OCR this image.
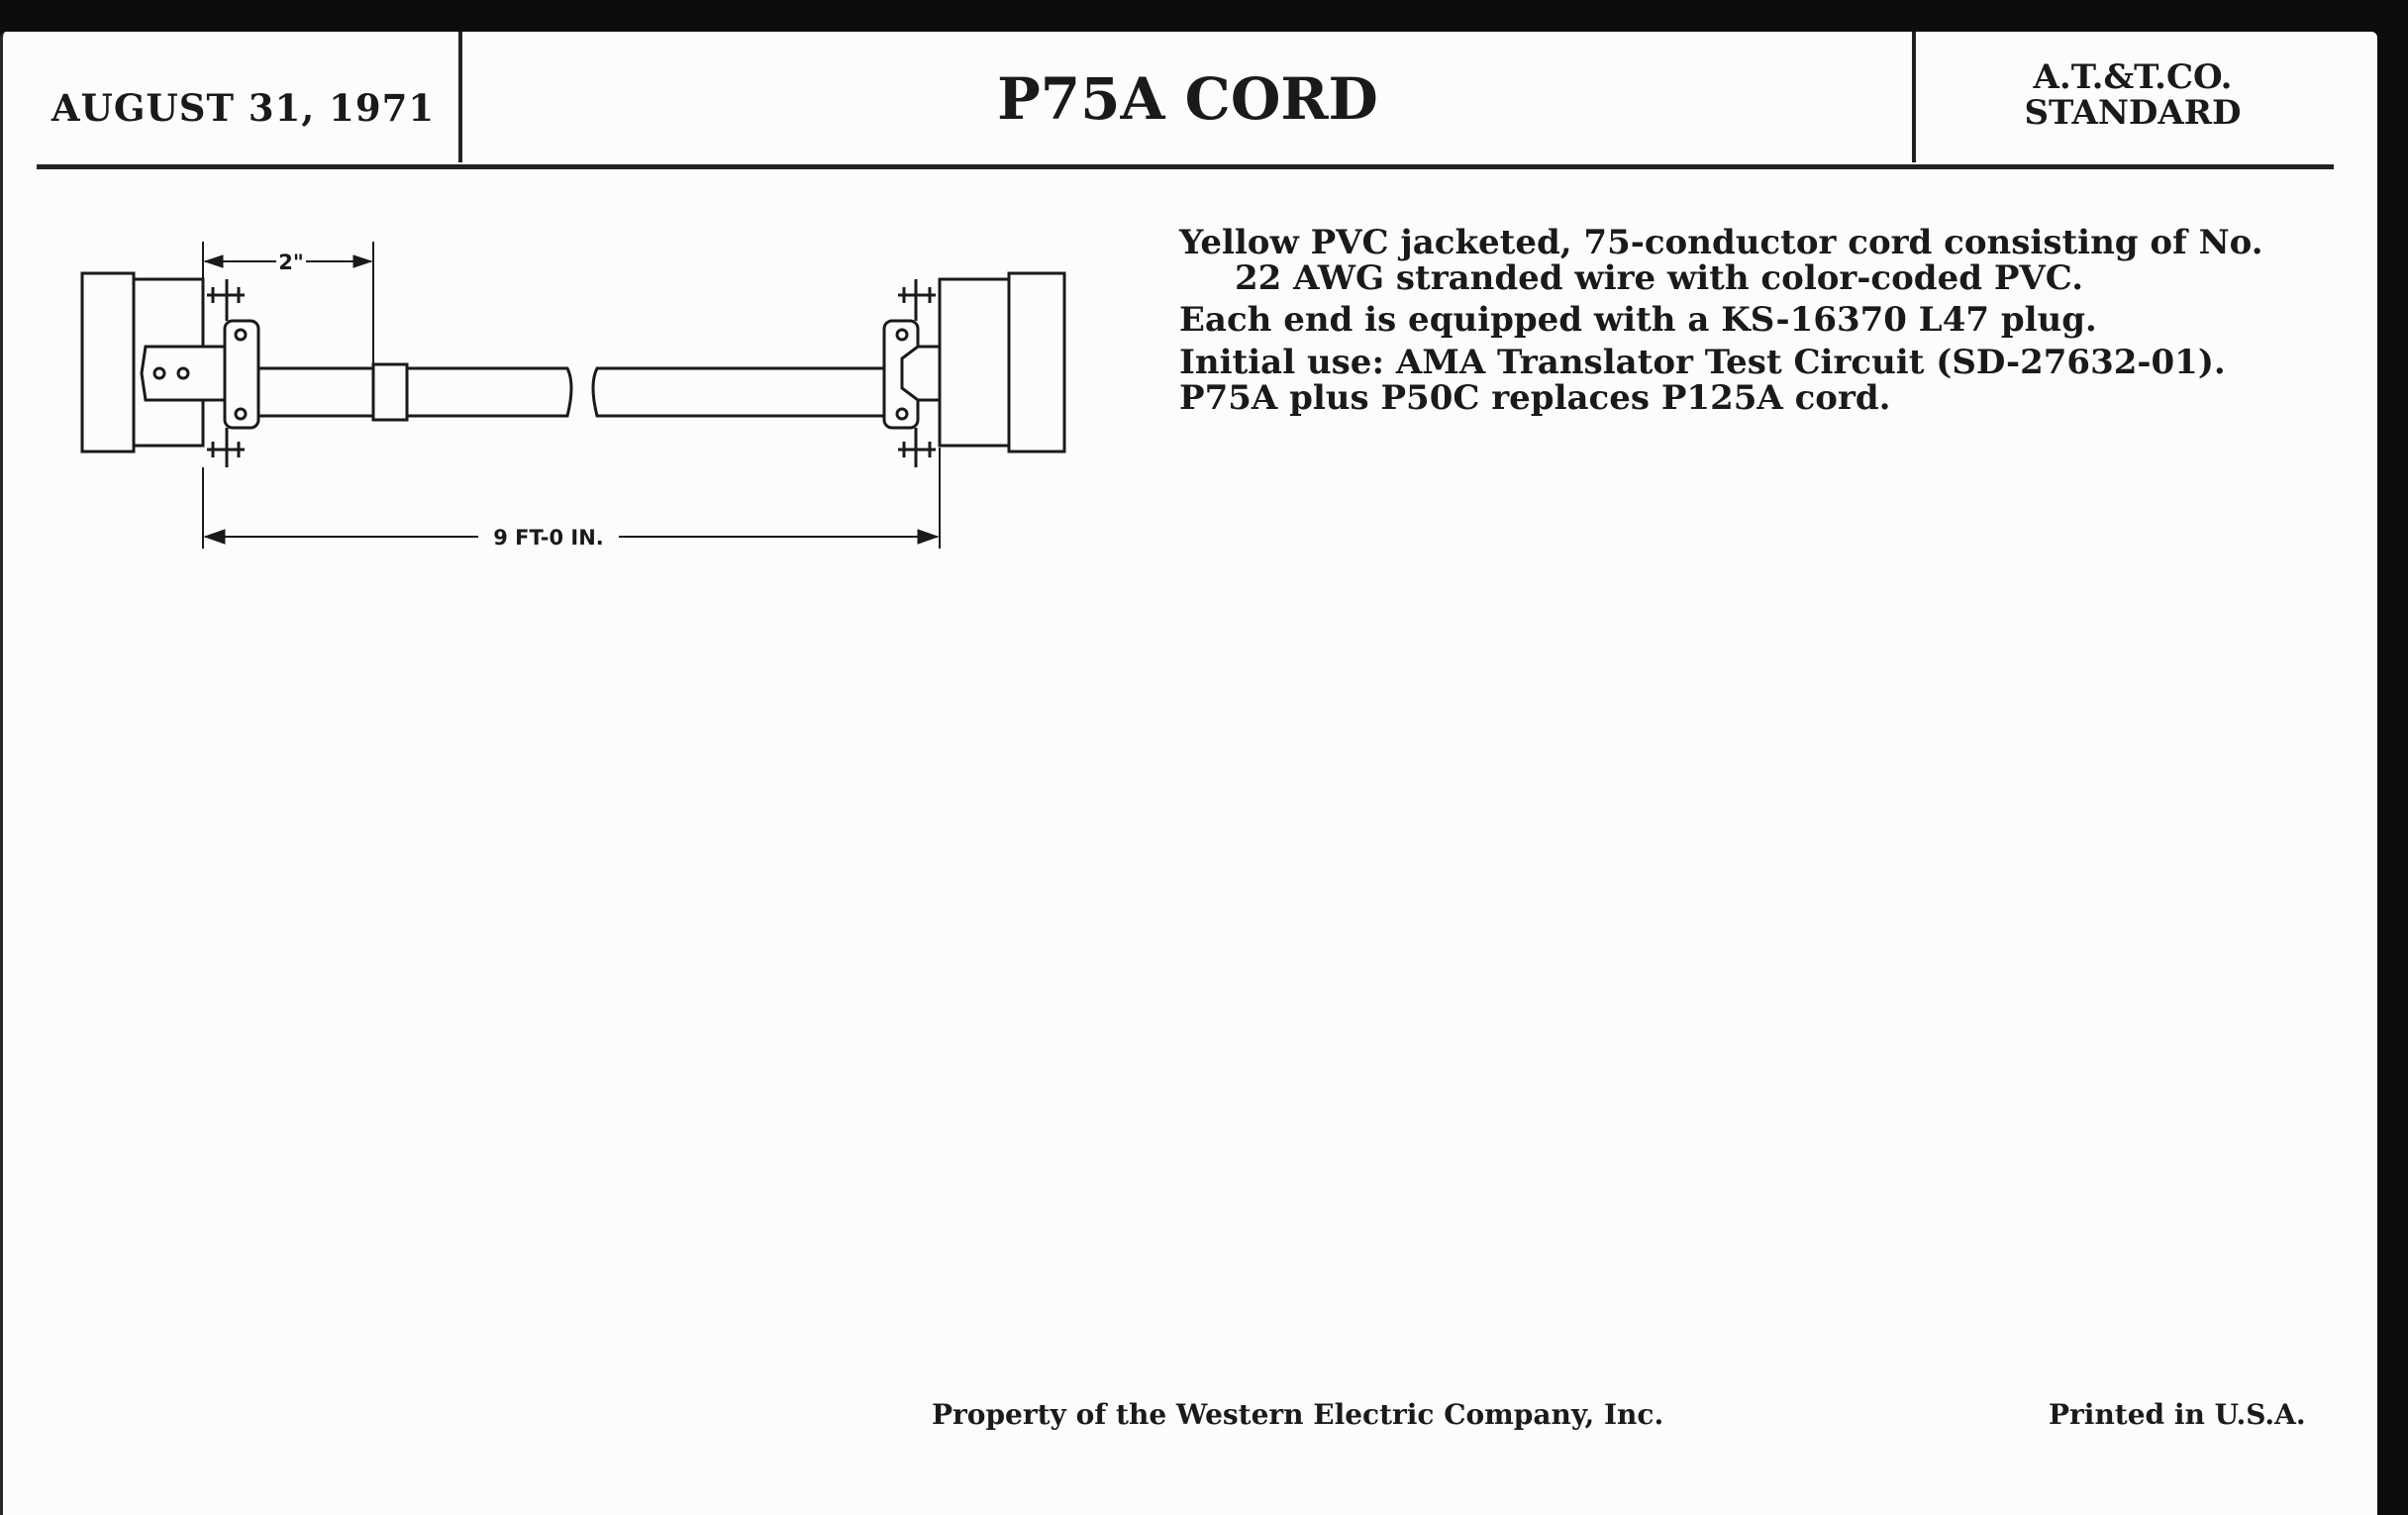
AUGUST 31, 1971	P75A CORD	A.T.&T.CO.
STANDARD
2"
9 FT-0 IN.

Yellow PVC jacketed, 75-conductor cord consisting of No. 22 AWG stranded wire with color-coded PVC.

Each end is equipped with a KS-16370 L47 plug.

Initial use: AMA Translator Test Circuit (SD-27632-01).

P75A plus P50C replaces P125A cord.

Property of the Western Electric Company, Inc.	Printed in U.S.A.
